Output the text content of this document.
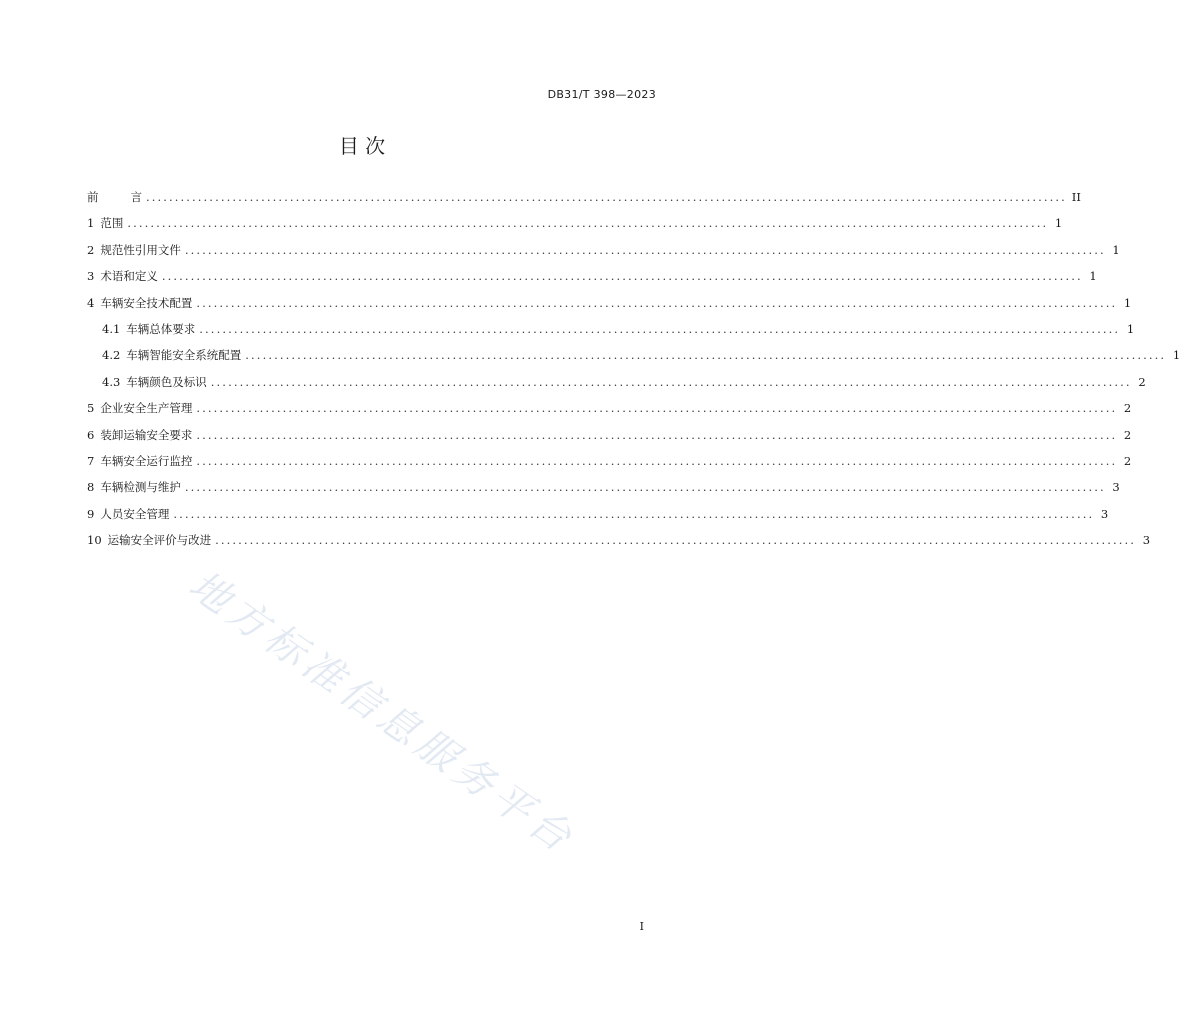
DB31/T 398—2023
目 次
前	言 ................................................................................................................................................................ II
1 范围 ................................................................................................................................................................ 1
2 规范性引用文件 ................................................................................................................................................................ 1
3 术语和定义 ................................................................................................................................................................ 1
4 车辆安全技术配置 ................................................................................................................................................................ 1
4.1 车辆总体要求 ................................................................................................................................................................ 1
4.2 车辆智能安全系统配置 ................................................................................................................................................................ 1
4.3 车辆颜色及标识 ................................................................................................................................................................ 2
5 企业安全生产管理 ................................................................................................................................................................ 2
6 装卸运输安全要求 ................................................................................................................................................................ 2
7 车辆安全运行监控 ................................................................................................................................................................ 2
8 车辆检测与维护 ................................................................................................................................................................ 3
9 人员安全管理 ................................................................................................................................................................ 3
10 运输安全评价与改进 ................................................................................................................................................................ 3
地方标准信息服务平台
I
